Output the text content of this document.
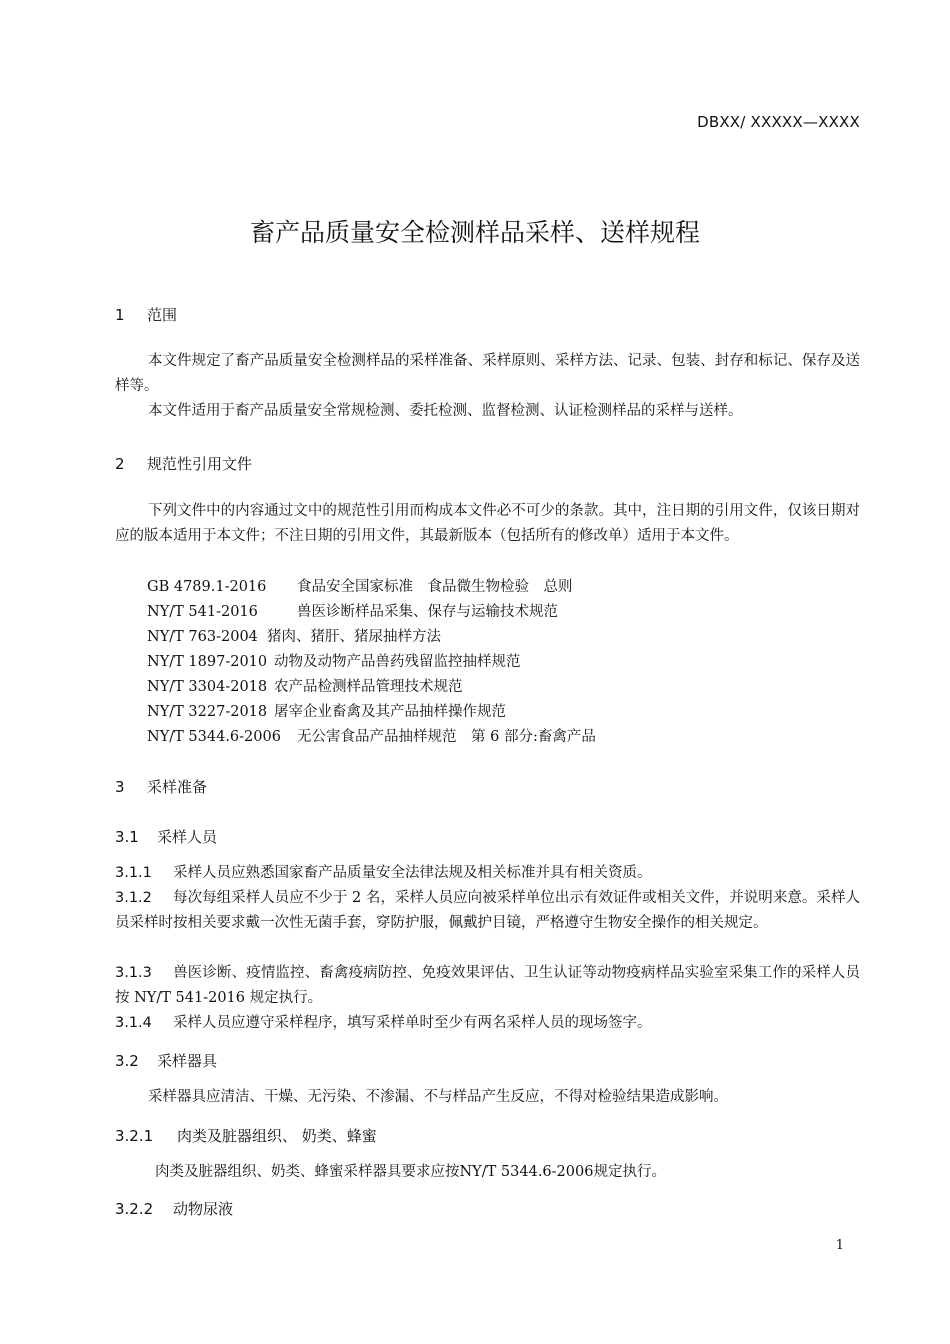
DBXX/ XXXXX—XXXX
畜产品质量安全检测样品采样、送样规程
1 范围
本文件规定了畜产品质量安全检测样品的采样准备、采样原则、采样方法、记录、包装、封存和标记、保存及送样等。
本文件适用于畜产品质量安全常规检测、委托检测、监督检测、认证检测样品的采样与送样。
2 规范性引用文件
下列文件中的内容通过文中的规范性引用而构成本文件必不可少的条款。其中，注日期的引用文件，仅该日期对应的版本适用于本文件；不注日期的引用文件，其最新版本（包括所有的修改单）适用于本文件。
GB 4789.1-2016 食品安全国家标准　食品微生物检验　总则
NY/T 541-2016	兽医诊断样品采集、保存与运输技术规范
NY/T 763-2004 猪肉、猪肝、猪尿抽样方法
NY/T 1897-2010 动物及动物产品兽药残留监控抽样规范
NY/T 3304-2018 农产品检测样品管理技术规范
NY/T 3227-2018 屠宰企业畜禽及其产品抽样操作规范
NY/T 5344.6-2006 无公害食品产品抽样规范　第 6 部分:畜禽产品
3 采样准备
3.1 采样人员
3.1.1 采样人员应熟悉国家畜产品质量安全法律法规及相关标准并具有相关资质。
3.1.2 每次每组采样人员应不少于 2 名，采样人员应向被采样单位出示有效证件或相关文件，并说明来意。采样人员采样时按相关要求戴一次性无菌手套，穿防护服，佩戴护目镜，严格遵守生物安全操作的相关规定。
3.1.3 兽医诊断、疫情监控、畜禽疫病防控、免疫效果评估、卫生认证等动物疫病样品实验室采集工作的采样人员按 NY/T 541-2016 规定执行。
3.1.4 采样人员应遵守采样程序，填写采样单时至少有两名采样人员的现场签字。
3.2 采样器具
采样器具应清洁、干燥、无污染、不渗漏、不与样品产生反应，不得对检验结果造成影响。
3.2.1 肉类及脏器组织、 奶类、蜂蜜
肉类及脏器组织、奶类、蜂蜜采样器具要求应按NY/T 5344.6-2006规定执行。
3.2.2 动物尿液
1
